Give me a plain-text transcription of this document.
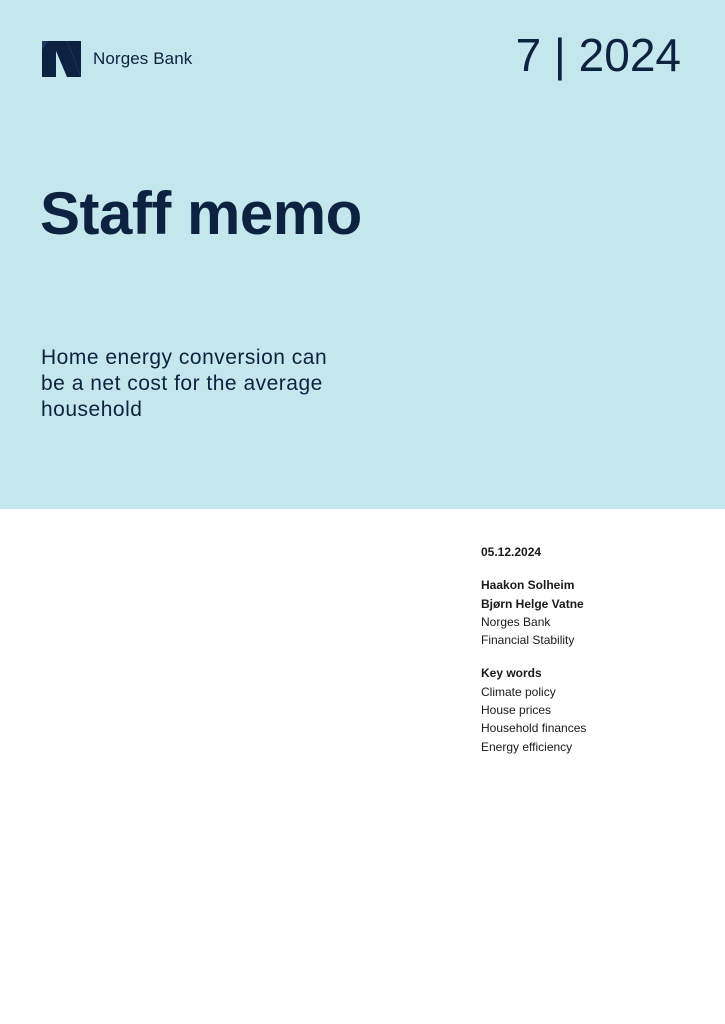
Norges Bank	7 | 2024
Staff memo
Home energy conversion can be a net cost for the average household
05.12.2024
Haakon Solheim
Bjørn Helge Vatne
Norges Bank
Financial Stability
Key words
Climate policy
House prices
Household finances
Energy efficiency
